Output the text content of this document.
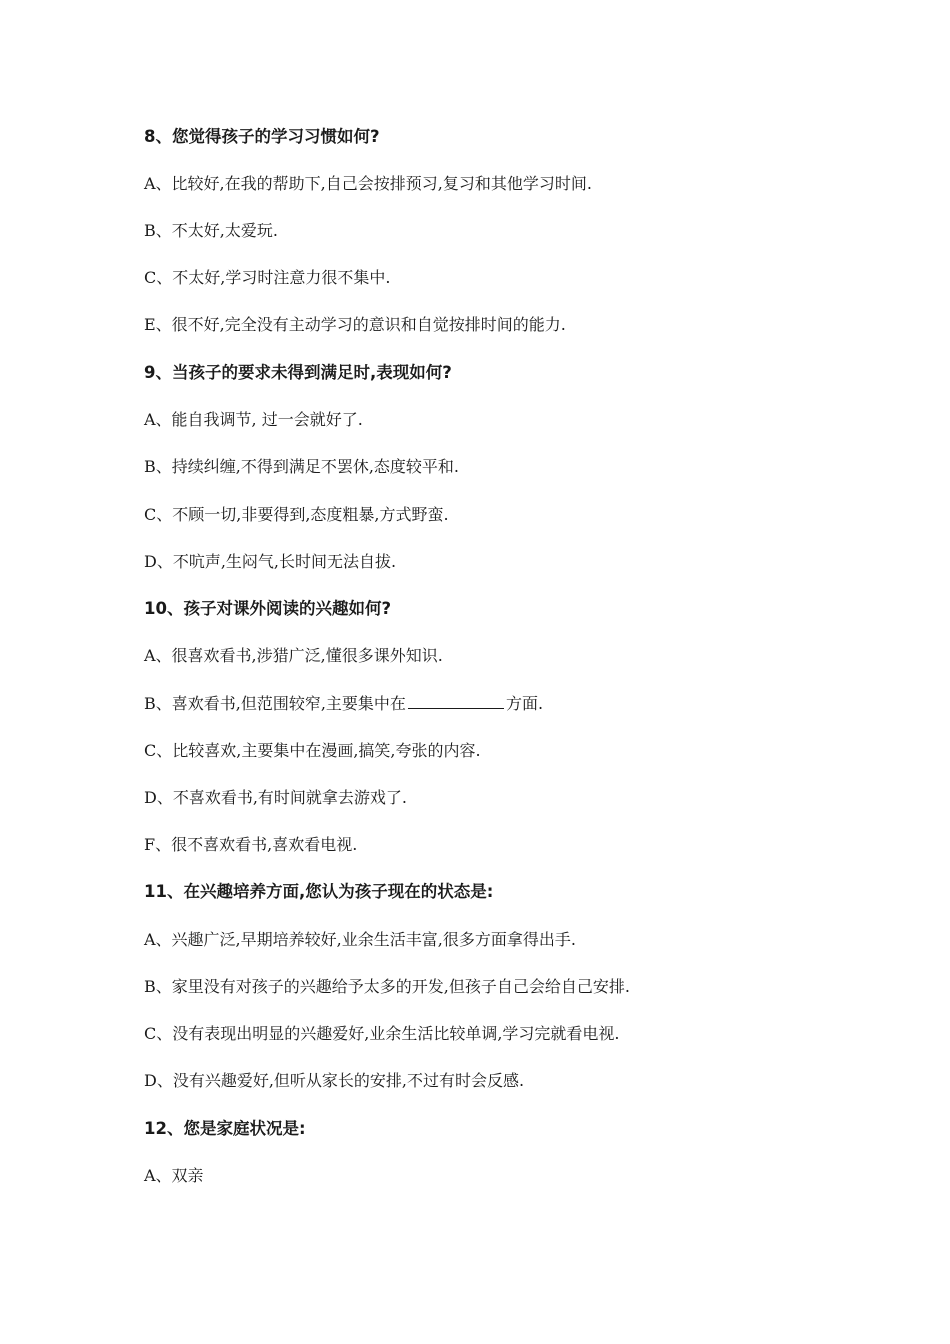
8、您觉得孩子的学习习惯如何?
A、比较好,在我的帮助下,自己会按排预习,复习和其他学习时间.
B、不太好,太爱玩.
C、不太好,学习时注意力很不集中.
E、很不好,完全没有主动学习的意识和自觉按排时间的能力.
9、当孩子的要求未得到满足时,表现如何?
A、能自我调节, 过一会就好了.
B、持续纠缠,不得到满足不罢休,态度较平和.
C、不顾一切,非要得到,态度粗暴,方式野蛮.
D、不吭声,生闷气,长时间无法自拔.
10、孩子对课外阅读的兴趣如何?
A、很喜欢看书,涉猎广泛,懂很多课外知识.
B、喜欢看书,但范围较窄,主要集中在	方面.
C、比较喜欢,主要集中在漫画,搞笑,夸张的内容.
D、不喜欢看书,有时间就拿去游戏了.
F、很不喜欢看书,喜欢看电视.
11、在兴趣培养方面,您认为孩子现在的状态是:
A、兴趣广泛,早期培养较好,业余生活丰富,很多方面拿得出手.
B、家里没有对孩子的兴趣给予太多的开发,但孩子自己会给自己安排.
C、没有表现出明显的兴趣爱好,业余生活比较单调,学习完就看电视.
D、没有兴趣爱好,但听从家长的安排,不过有时会反感.
12、您是家庭状况是:
A、双亲
